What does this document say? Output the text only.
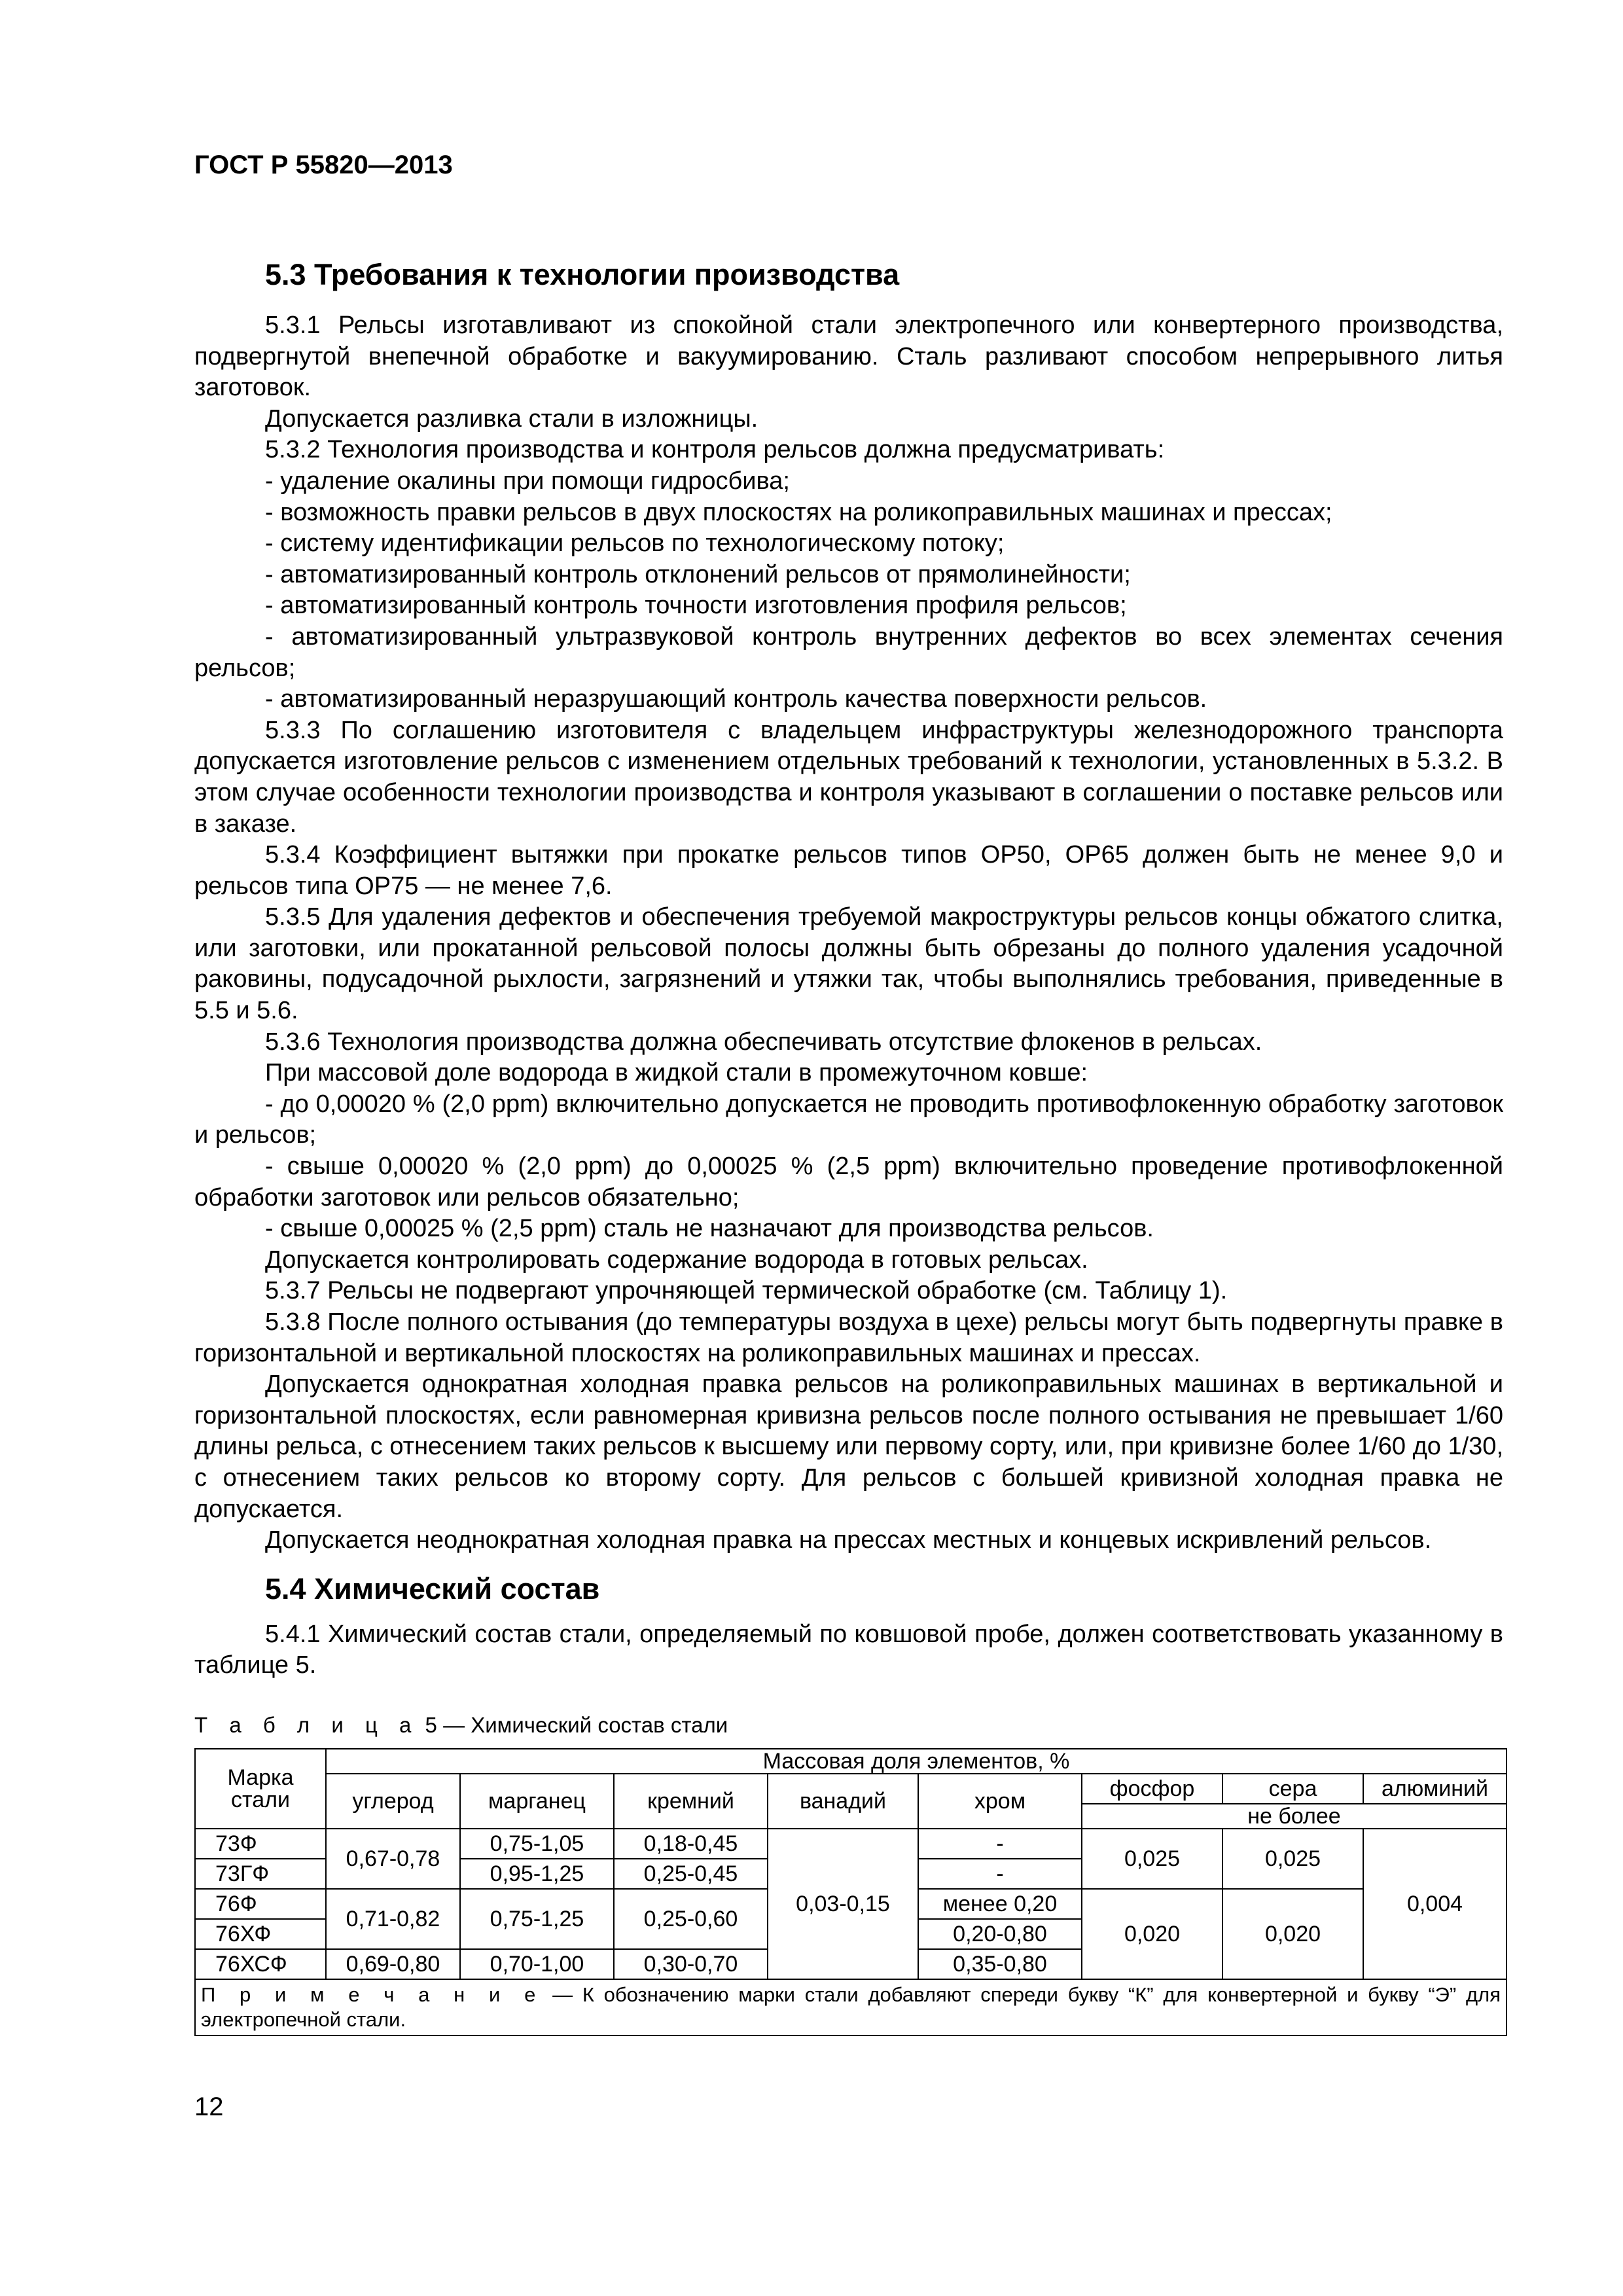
ГОСТ Р 55820—2013
5.3 Требования к технологии производства

5.3.1 Рельсы изготавливают из спокойной стали электропечного или конвертерного производства, подвергнутой внепечной обработке и вакуумированию. Сталь разливают способом непрерывного литья заготовок.

Допускается разливка стали в изложницы.

5.3.2 Технология производства и контроля рельсов должна предусматривать:

- удаление окалины при помощи гидросбива;

- возможность правки рельсов в двух плоскостях на роликоправильных машинах и прессах;

- систему идентификации рельсов по технологическому потоку;

- автоматизированный контроль отклонений рельсов от прямолинейности;

- автоматизированный контроль точности изготовления профиля рельсов;

- автоматизированный ультразвуковой контроль внутренних дефектов во всех элементах сечения рельсов;

- автоматизированный неразрушающий контроль качества поверхности рельсов.

5.3.3 По соглашению изготовителя с владельцем инфраструктуры железнодорожного транспорта допускается изготовление рельсов с изменением отдельных требований к технологии, установленных в 5.3.2. В этом случае особенности технологии производства и контроля указывают в соглашении о поставке рельсов или в заказе.

5.3.4 Коэффициент вытяжки при прокатке рельсов типов ОР50, ОР65 должен быть не менее 9,0 и рельсов типа ОР75 — не менее 7,6.

5.3.5 Для удаления дефектов и обеспечения требуемой макроструктуры рельсов концы обжатого слитка, или заготовки, или прокатанной рельсовой полосы должны быть обрезаны до полного удаления усадочной раковины, подусадочной рыхлости, загрязнений и утяжки так, чтобы выполнялись требования, приведенные в 5.5 и 5.6.

5.3.6 Технология производства должна обеспечивать отсутствие флокенов в рельсах.

При массовой доле водорода в жидкой стали в промежуточном ковше:

- до 0,00020 % (2,0 ppm) включительно допускается не проводить противофлокенную обработку заготовок и рельсов;

- свыше 0,00020 % (2,0 ppm) до 0,00025 % (2,5 ppm) включительно проведение противофлокенной обработки заготовок или рельсов обязательно;

- свыше 0,00025 % (2,5 ppm) сталь не назначают для производства рельсов.

Допускается контролировать содержание водорода в готовых рельсах.

5.3.7 Рельсы не подвергают упрочняющей термической обработке (см. Таблицу 1).

5.3.8 После полного остывания (до температуры воздуха в цехе) рельсы могут быть подвергнуты правке в горизонтальной и вертикальной плоскостях на роликоправильных машинах и прессах.

Допускается однократная холодная правка рельсов на роликоправильных машинах в вертикальной и горизонтальной плоскостях, если равномерная кривизна рельсов после полного остывания не превышает 1/60 длины рельса, с отнесением таких рельсов к высшему или первому сорту, или, при кривизне более 1/60 до 1/30, с отнесением таких рельсов ко второму сорту. Для рельсов с большей кривизной холодная правка не допускается.

Допускается неоднократная холодная правка на прессах местных и концевых искривлений рельсов.

5.4 Химический состав

5.4.1 Химический состав стали, определяемый по ковшовой пробе, должен соответствовать указанному в таблице 5.

Т а б л и ц а 5 — Химический состав стали
Марка стали	Массовая доля элементов, %							
	углерод	марганец	кремний	ванадий	хром	фосфор	сера	алюминий
						не более		
73Ф	0,67-0,78	0,75-1,05	0,18-0,45	0,03-0,15	-	0,025	0,025	0,004
73ГФ		0,95-1,25	0,25-0,45		-			
76Ф	0,71-0,82	0,75-1,25	0,25-0,60		менее 0,20	0,020	0,020	
76ХФ					0,20-0,80			
76ХСФ	0,69-0,80	0,70-1,00	0,30-0,70		0,35-0,80			
П р и м е ч а н и е — К обозначению марки стали добавляют спереди букву “К” для конвертерной и букву “Э” для электропечной стали.								
12
